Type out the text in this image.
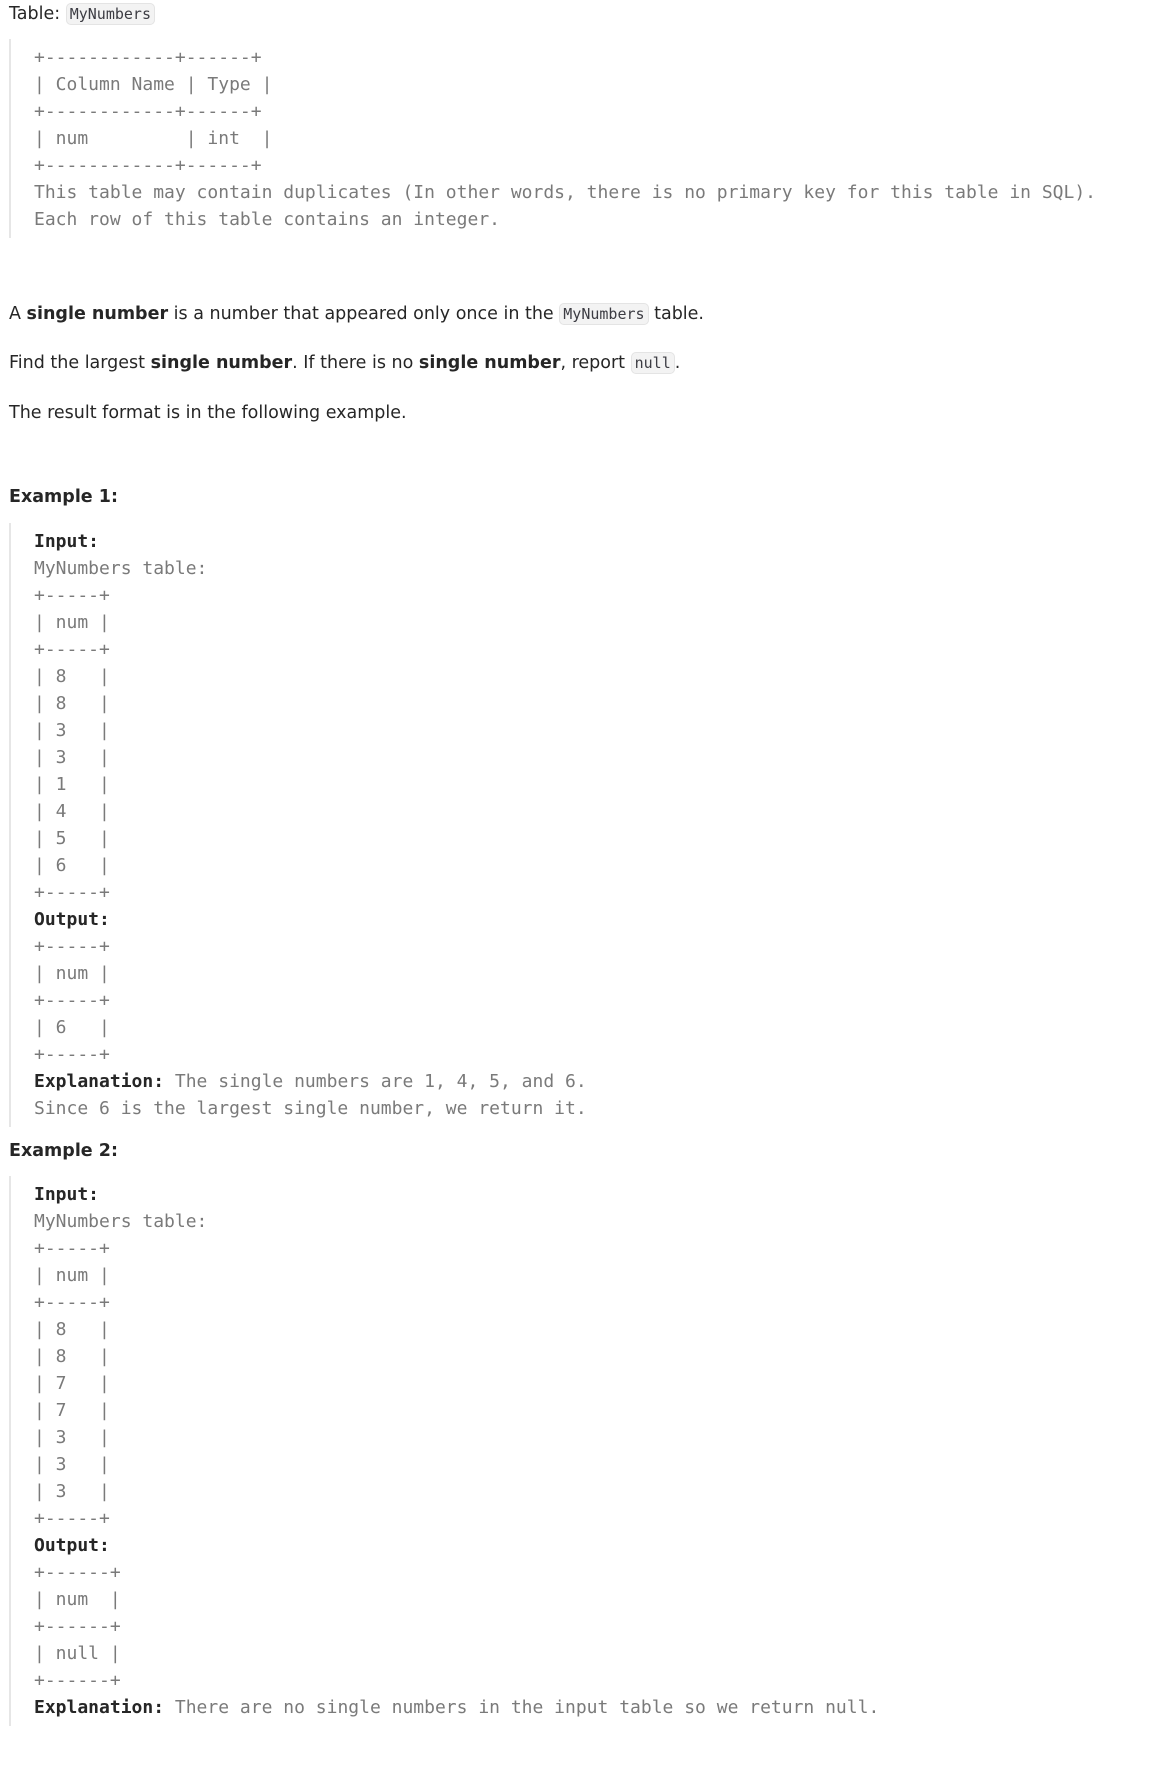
Table: MyNumbers

+------------+------+
| Column Name | Type |
+------------+------+
| num         | int  |
+------------+------+
This table may contain duplicates (In other words, there is no primary key for this table in SQL).
Each row of this table contains an integer.

A single number is a number that appeared only once in the MyNumbers table.

Find the largest single number. If there is no single number, report null .

The result format is in the following example.

Example 1:

Input:
MyNumbers table:
+-----+
| num |
+-----+
| 8   |
| 8   |
| 3   |
| 3   |
| 1   |
| 4   |
| 5   |
| 6   |
+-----+
Output:
+-----+
| num |
+-----+
| 6   |
+-----+
Explanation: The single numbers are 1, 4, 5, and 6.
Since 6 is the largest single number, we return it.

Example 2:

Input:
MyNumbers table:
+-----+
| num |
+-----+
| 8   |
| 8   |
| 7   |
| 7   |
| 3   |
| 3   |
| 3   |
+-----+
Output:
+------+
| num  |
+------+
| null |
+------+
Explanation: There are no single numbers in the input table so we return null.
